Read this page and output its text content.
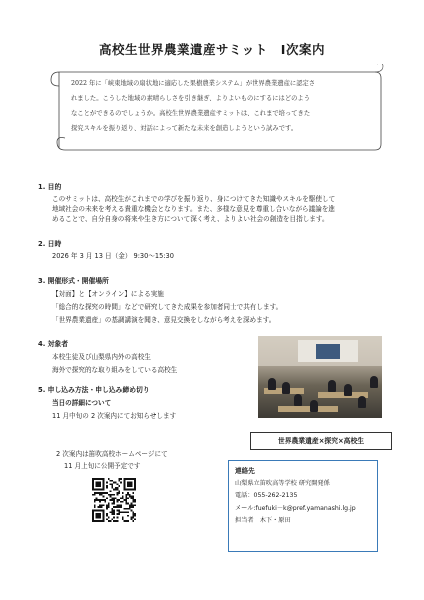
高校生世界農業遺産サミット　Ⅰ次案内

2022 年に「峡東地域の扇状地に適応した果樹農業システム」が世界農業遺産に認定さ

れました。こうした地域の素晴らしさを引き継ぎ、よりよいものにするにはどのよう

なことができるのでしょうか。高校生世界農業遺産サミットは、これまで培ってきた

探究スキルを振り返り、対話によって新たな未来を創造しようという試みです。

1. 目的

このサミットは、高校生がこれまでの学びを振り返り、身につけてきた知識やスキルを駆使して

地域社会の未来を考える貴重な機会となります。また、多様な意見を尊重し合いながら議論を進

めることで、自分自身の将来や生き方について深く考え、よりよい社会の創造を目指します。

2. 日時

2026 年 3 月 13 日（金） 9:30～15:30

3. 開催形式・開催場所

【対面】と【オンライン】による実施

「総合的な探究の時間」などで研究してきた成果を参加者同士で共有します。

「世界農業遺産」の基調講演を聞き、意見交換をしながら考えを深めます。

4. 対象者

本校生徒及び山梨県内外の高校生

海外で探究的な取り組みをしている高校生

5. 申し込み方法・申し込み締め切り

当日の詳細について

11 月中旬の 2 次案内にてお知らせします

世界農業遺産×探究×高校生

2 次案内は笛吹高校ホームページにて

11 月上旬に公開予定です

連絡先

山梨県立笛吹高等学校 研究開発係

電話：055-262-2135

メール:fuefuki－k@pref.yamanashi.lg.jp

担当者　木下・原田
